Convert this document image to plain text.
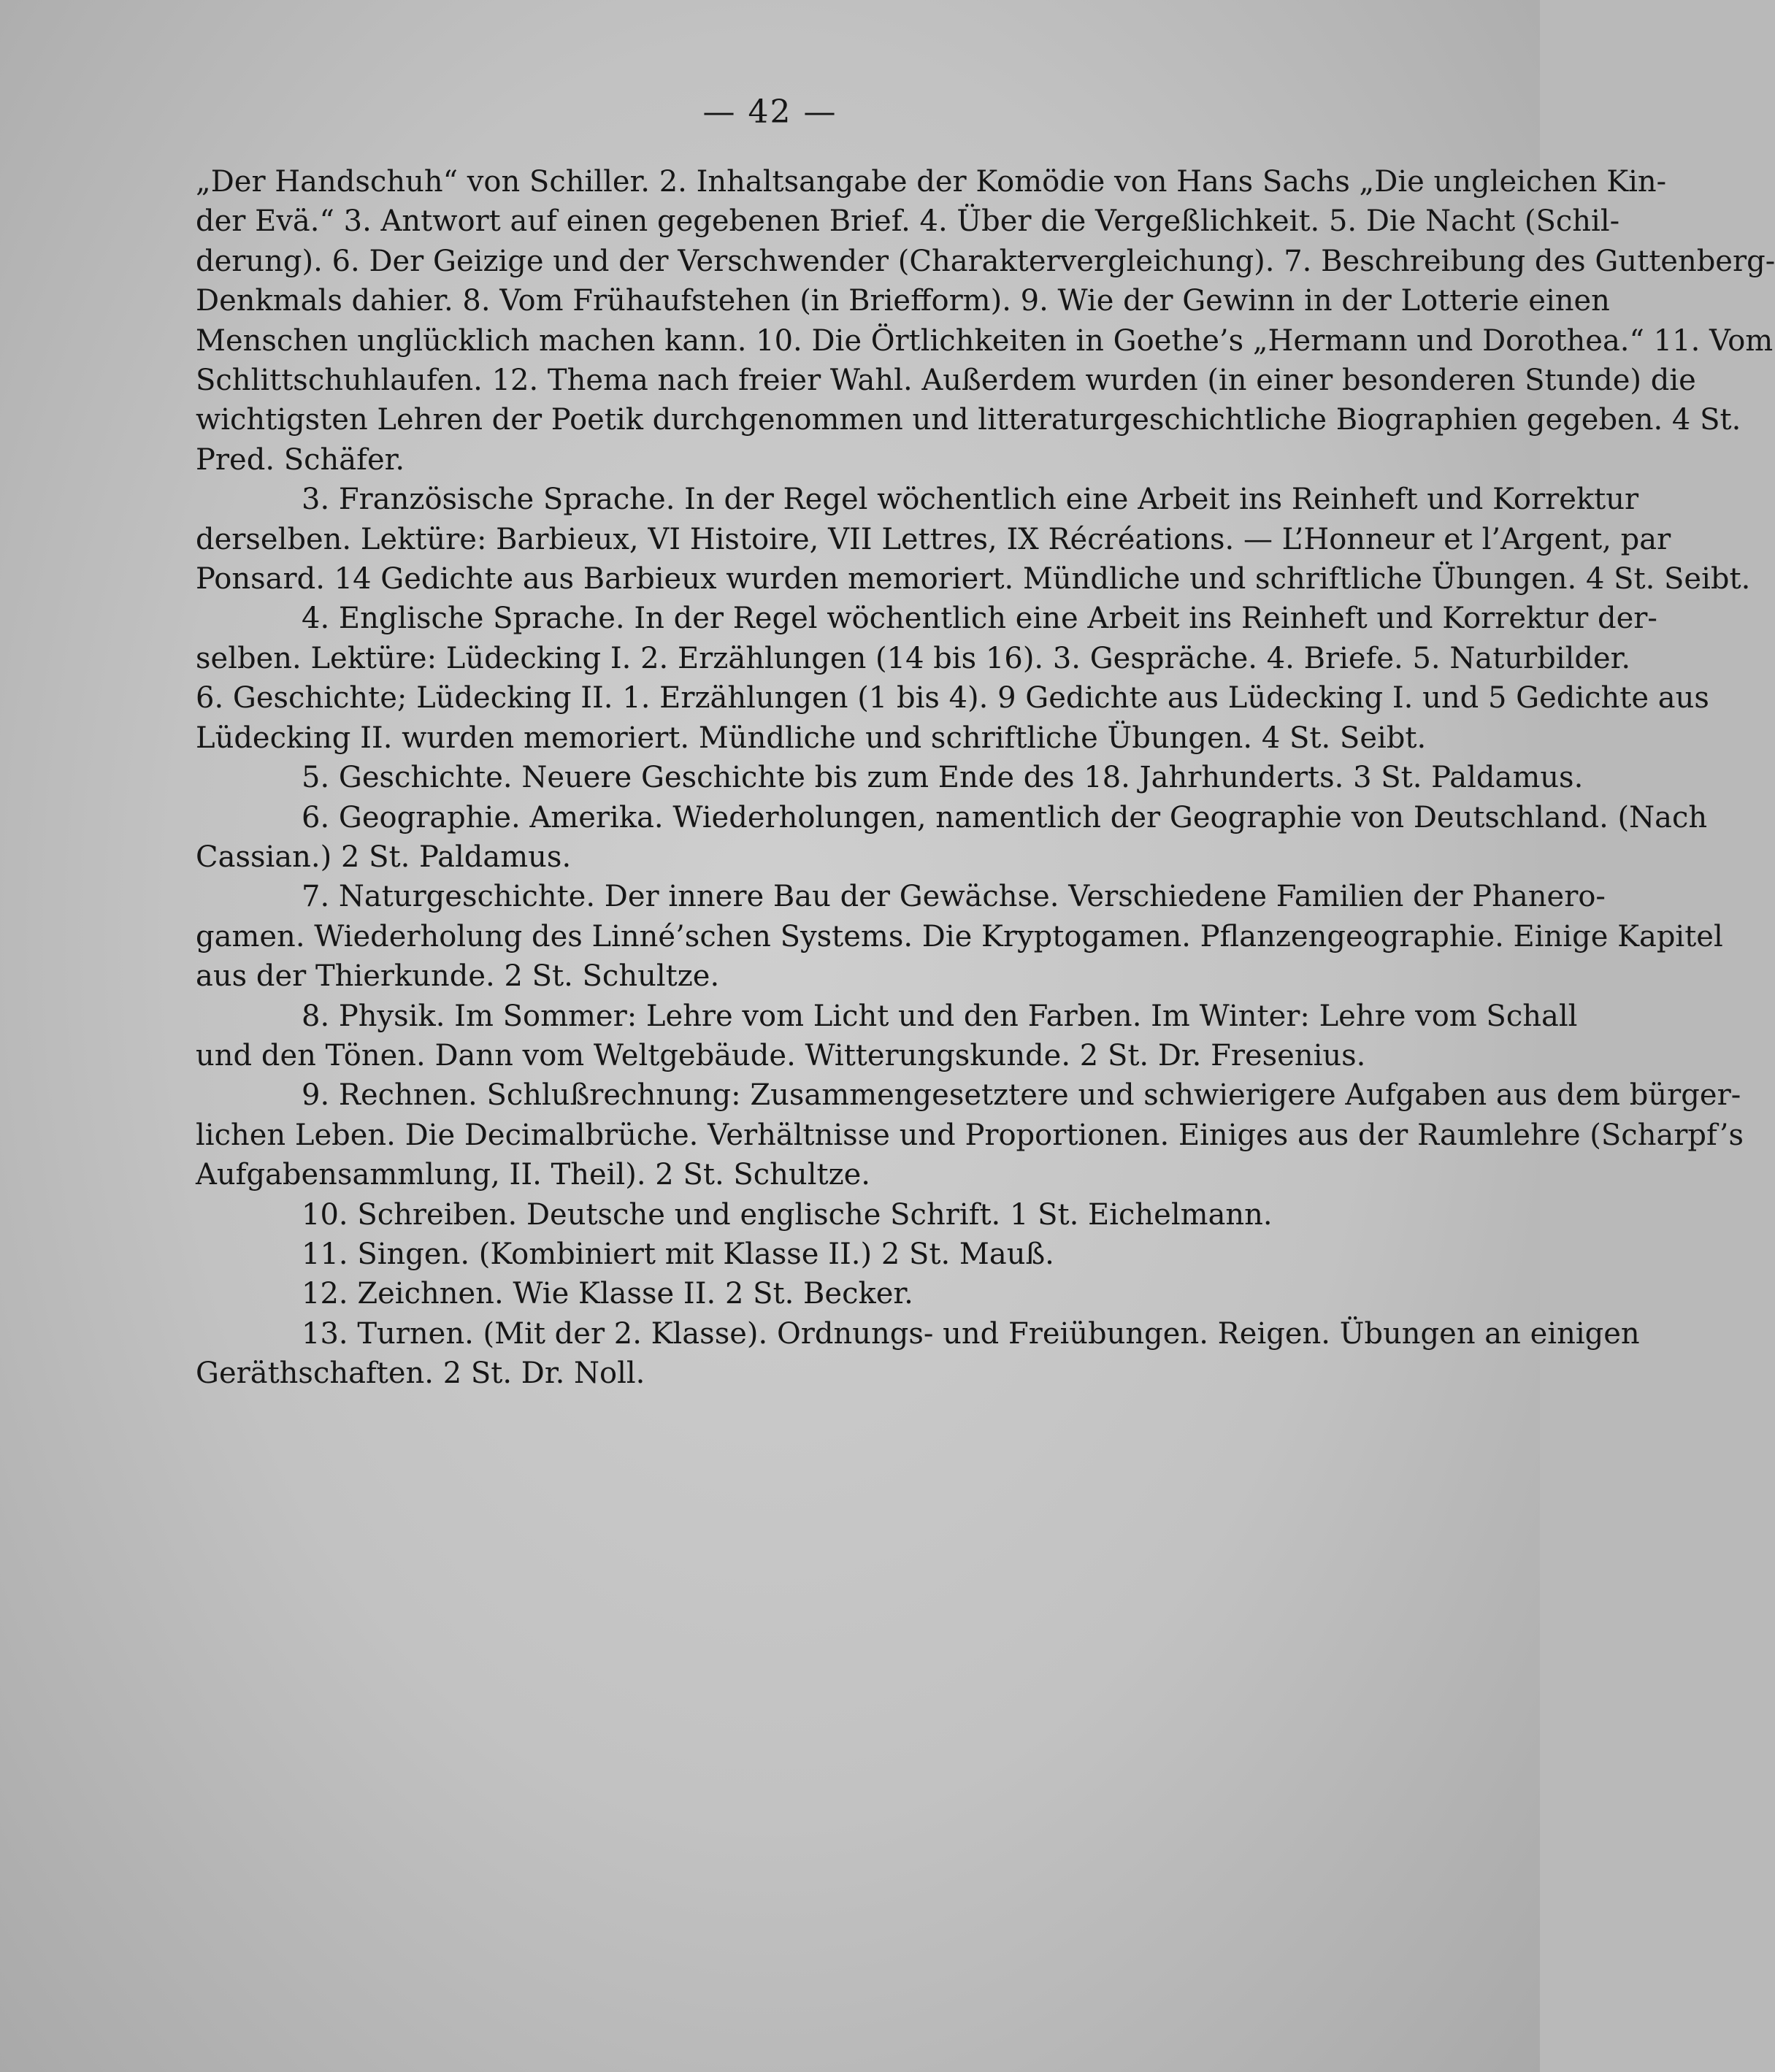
— 42 —
„Der Handschuh“ von Schiller. 2. Inhaltsangabe der Komödie von Hans Sachs „Die ungleichen Kin-
der Evä.“ 3. Antwort auf einen gegebenen Brief. 4. Über die Vergeßlichkeit. 5. Die Nacht (Schil-
derung). 6. Der Geizige und der Verschwender (Charaktervergleichung). 7. Beschreibung des Guttenberg-
Denkmals dahier. 8. Vom Frühaufstehen (in Briefform). 9. Wie der Gewinn in der Lotterie einen
Menschen unglücklich machen kann. 10. Die Örtlichkeiten in Goethe’s „Hermann und Dorothea.“ 11. Vom
Schlittschuhlaufen. 12. Thema nach freier Wahl. Außerdem wurden (in einer besonderen Stunde) die
wichtigsten Lehren der Poetik durchgenommen und litteraturgeschichtliche Biographien gegeben. 4 St.
Pred. Schäfer.
3. Französische Sprache. In der Regel wöchentlich eine Arbeit ins Reinheft und Korrektur
derselben. Lektüre: Barbieux, VI Histoire, VII Lettres, IX Récréations. — L’Honneur et l’Argent, par
Ponsard. 14 Gedichte aus Barbieux wurden memoriert. Mündliche und schriftliche Übungen. 4 St. Seibt.
4. Englische Sprache. In der Regel wöchentlich eine Arbeit ins Reinheft und Korrektur der-
selben. Lektüre: Lüdecking I. 2. Erzählungen (14 bis 16). 3. Gespräche. 4. Briefe. 5. Naturbilder.
6. Geschichte; Lüdecking II. 1. Erzählungen (1 bis 4). 9 Gedichte aus Lüdecking I. und 5 Gedichte aus
Lüdecking II. wurden memoriert. Mündliche und schriftliche Übungen. 4 St. Seibt.
5. Geschichte. Neuere Geschichte bis zum Ende des 18. Jahrhunderts. 3 St. Paldamus.
6. Geographie. Amerika. Wiederholungen, namentlich der Geographie von Deutschland. (Nach
Cassian.) 2 St. Paldamus.
7. Naturgeschichte. Der innere Bau der Gewächse. Verschiedene Familien der Phanero-
gamen. Wiederholung des Linné’schen Systems. Die Kryptogamen. Pflanzengeographie. Einige Kapitel
aus der Thierkunde. 2 St. Schultze.
8. Physik. Im Sommer: Lehre vom Licht und den Farben. Im Winter: Lehre vom Schall
und den Tönen. Dann vom Weltgebäude. Witterungskunde. 2 St. Dr. Fresenius.
9. Rechnen. Schlußrechnung: Zusammengesetztere und schwierigere Aufgaben aus dem bürger-
lichen Leben. Die Decimalbrüche. Verhältnisse und Proportionen. Einiges aus der Raumlehre (Scharpf’s
Aufgabensammlung, II. Theil). 2 St. Schultze.
10. Schreiben. Deutsche und englische Schrift. 1 St. Eichelmann.
11. Singen. (Kombiniert mit Klasse II.) 2 St. Mauß.
12. Zeichnen. Wie Klasse II. 2 St. Becker.
13. Turnen. (Mit der 2. Klasse). Ordnungs- und Freiübungen. Reigen. Übungen an einigen
Geräthschaften. 2 St. Dr. Noll.
